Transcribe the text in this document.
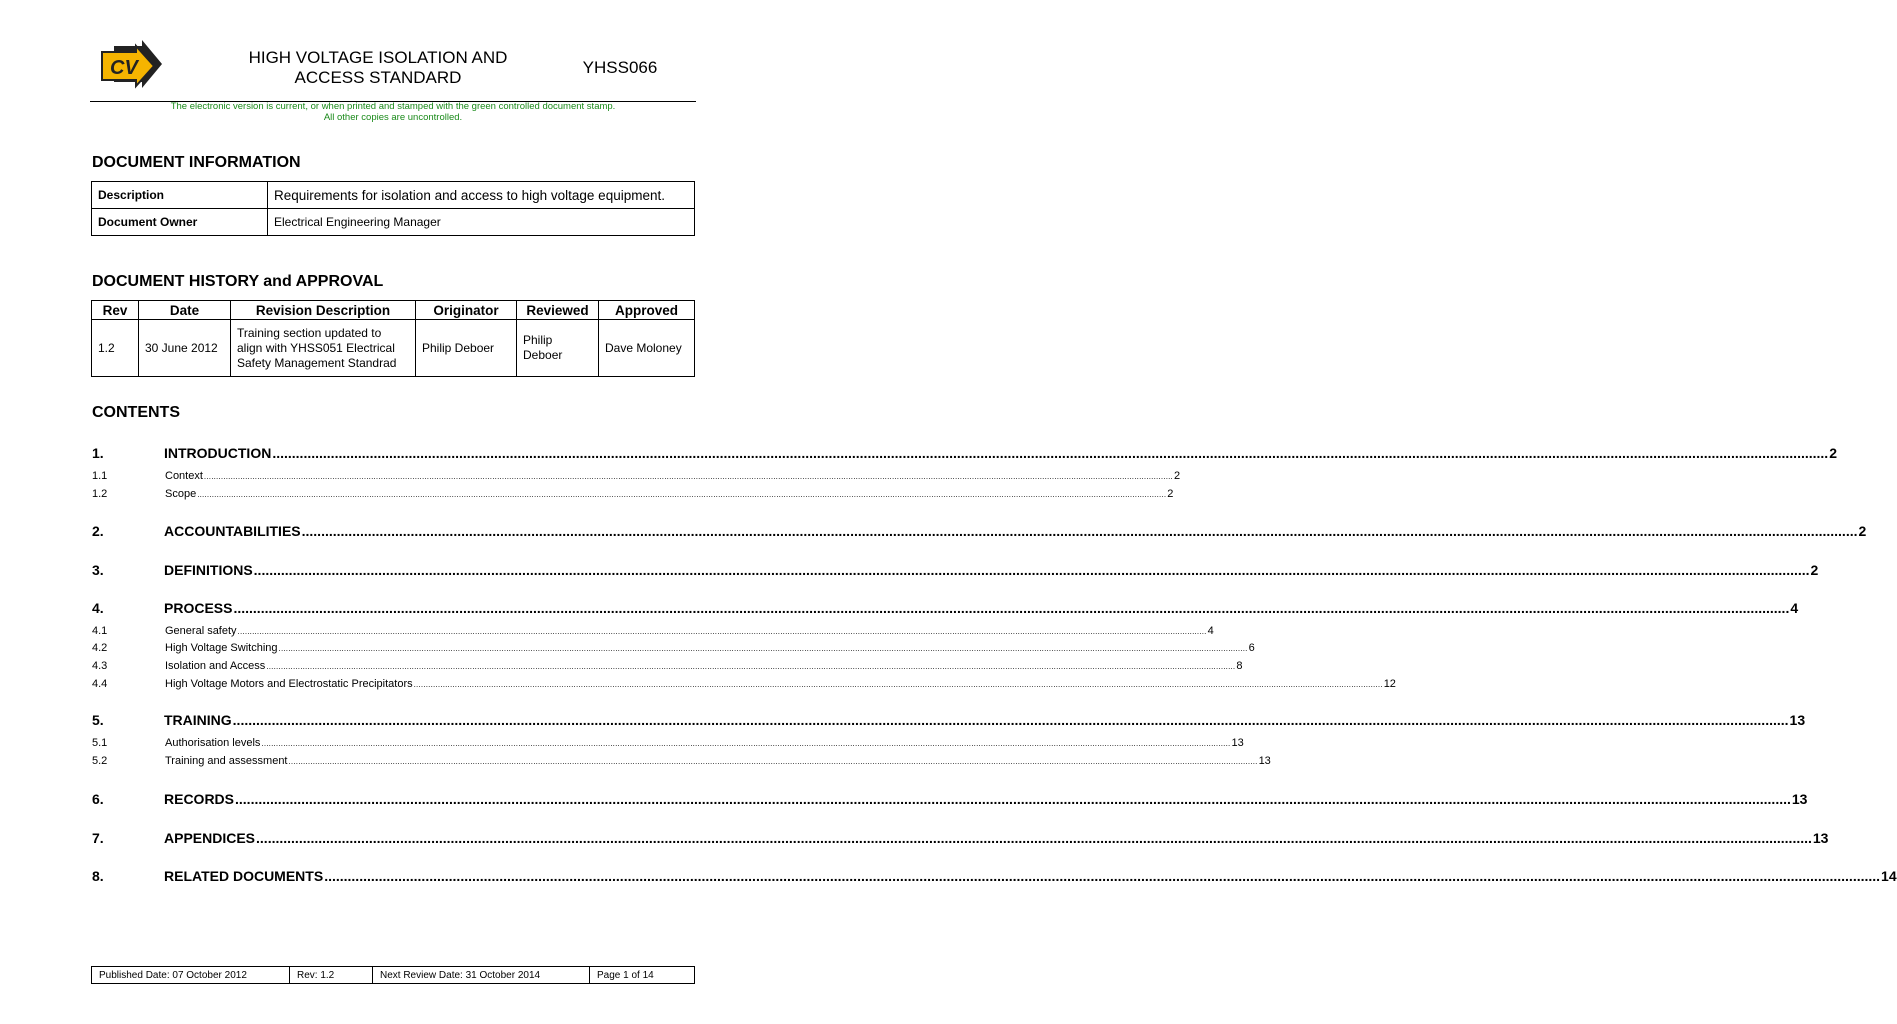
CV	HIGH VOLTAGE ISOLATION AND
ACCESS STANDARD
YHSS066
The electronic version is current, or when printed and stamped with the green controlled document stamp.
All other copies are uncontrolled.
DOCUMENT INFORMATION
Description	Requirements for isolation and access to high voltage equipment.
Document Owner	Electrical Engineering Manager
DOCUMENT HISTORY and APPROVAL
Rev	Date	Revision Description	Originator	Reviewed	Approved
1.2	30 June 2012	Training section updated to align with YHSS051 Electrical Safety Management Standrad	Philip Deboer	Philip Deboer	Dave Moloney
CONTENTS
1.	INTRODUCTION ................................................................................................................................................................................................................................................................................................................................................................................................................ 2
1.1	Context ................................................................................................................................................................................................................................................................................................................................................................................................................ 2
1.2	Scope ................................................................................................................................................................................................................................................................................................................................................................................................................ 2
2.	ACCOUNTABILITIES ................................................................................................................................................................................................................................................................................................................................................................................................................ 2
3.	DEFINITIONS ................................................................................................................................................................................................................................................................................................................................................................................................................ 2
4.	PROCESS ................................................................................................................................................................................................................................................................................................................................................................................................................ 4
4.1	General safety ................................................................................................................................................................................................................................................................................................................................................................................................................ 4
4.2	High Voltage Switching ................................................................................................................................................................................................................................................................................................................................................................................................................ 6
4.3	Isolation and Access ................................................................................................................................................................................................................................................................................................................................................................................................................ 8
4.4	High Voltage Motors and Electrostatic Precipitators ................................................................................................................................................................................................................................................................................................................................................................................................................ 12
5.	TRAINING ................................................................................................................................................................................................................................................................................................................................................................................................................ 13
5.1	Authorisation levels ................................................................................................................................................................................................................................................................................................................................................................................................................ 13
5.2	Training and assessment ................................................................................................................................................................................................................................................................................................................................................................................................................ 13
6.	RECORDS ................................................................................................................................................................................................................................................................................................................................................................................................................ 13
7.	APPENDICES ................................................................................................................................................................................................................................................................................................................................................................................................................ 13
8.	RELATED DOCUMENTS ................................................................................................................................................................................................................................................................................................................................................................................................................ 14
Published Date: 07 October 2012	Rev: 1.2	Next Review Date: 31 October 2014	Page 1 of 14
